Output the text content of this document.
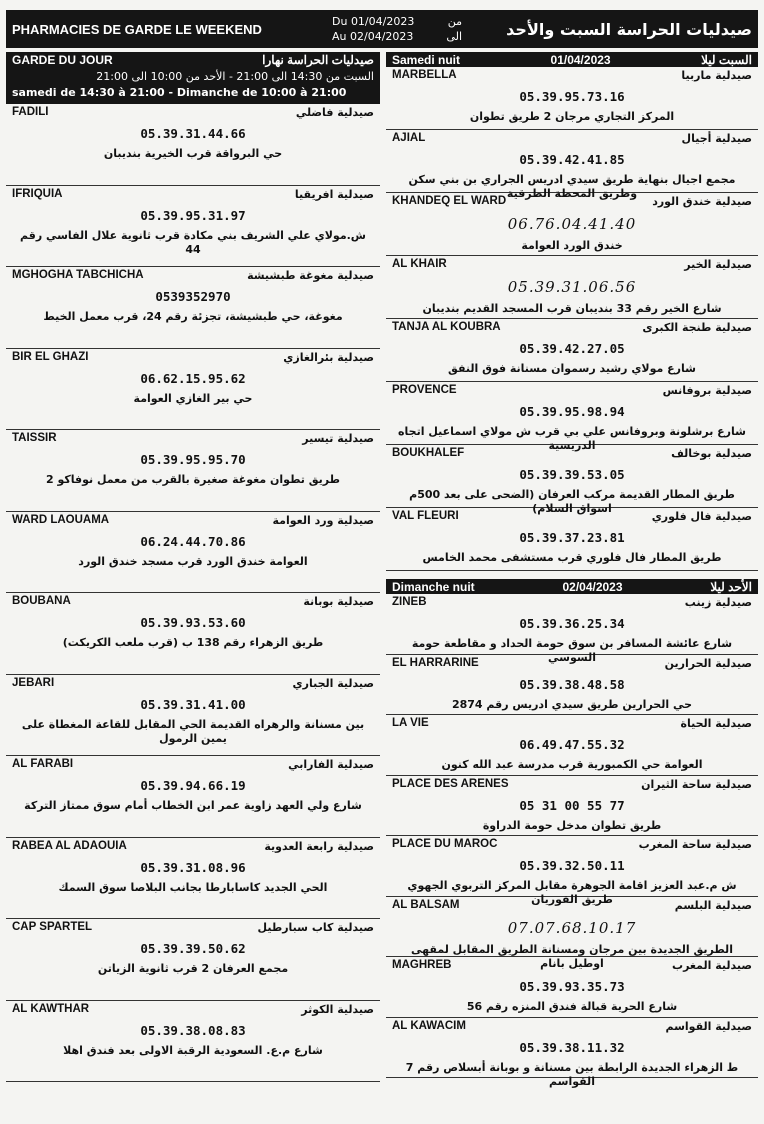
PHARMACIES DE GARDE LE WEEKEND	Du 01/04/2023	من
Au 02/04/2023	الى	صيدليات الحراسة السبت والأحد
GARDE DU JOUR	صيدليات الحراسة نهارا
السبت من 14:30 الى 21:00 - الأحد من 10:00 الى 21:00
samedi de 14:30 à 21:00 - Dimanche de 10:00 à 21:00
FADILI	صيدلية فاضلي
05.39.31.44.66
حي البرواقة قرب الخيرية بنديبان
IFRIQUIA	صيدلية افريقيا
05.39.95.31.97
ش.مولاي علي الشريف بني مكادة قرب ثانوية علال الفاسي رقم 44
MGHOGHA TABCHICHA	صيدلية مغوغة طبشيشة
0539352970
مغوغة، حي طبشيشة، تجزئة رقم 24، قرب معمل الخيط
BIR EL GHAZI	صيدلية بئرالغازي
06.62.15.95.62
حي بير الغازي العوامة
TAISSIR	صيدلية تيسير
05.39.95.95.70
طريق تطوان مغوغة صغيرة بالقرب من معمل نوفاكو 2
WARD LAOUAMA	صيدلية ورد العوامة
06.24.44.70.86
العوامة خندق الورد قرب مسجد خندق الورد
BOUBANA	صيدلية بوبانة
05.39.93.53.60
طريق الزهراء رقم 138 ب (قرب ملعب الكريكت)
JEBARI	صيدلية الجباري
05.39.31.41.00
بين مسنانة والرهراه القديمة الحي المقابل للقاعة المغطاة على يمين الرمول
AL FARABI	صيدلية الفارابي
05.39.94.66.19
شارع ولي العهد زاوية عمر ابن الخطاب أمام سوق ممتاز التركة
RABEA AL ADAOUIA	صيدلية رابعة العدوية
05.39.31.08.96
الحي الجديد كاسابارطا بجانب البلاصا سوق السمك
CAP SPARTEL	صيدلية كاب سبارطيل
05.39.39.50.62
مجمع العرفان 2 قرب ثانوية الزياتن
AL KAWTHAR	صيدلية الكوثر
05.39.38.08.83
شارع م.ع. السعودية الرقبة الاولى بعد فندق اهلا
Samedi nuit	01/04/2023	السبت ليلا
MARBELLA	صيدلية ماربيا
05.39.95.73.16
المركز التجاري مرجان 2 طريق تطوان
AJIAL	صيدلية أجيال
05.39.42.41.85
مجمع اجيال بنهاية طريق سيدي ادريس الجراري بن بني سكن وطريق المحطة الطرقية
KHANDEQ EL WARD	صيدلية خندق الورد
06.76.04.41.40
خندق الورد العوامة
AL KHAIR	صيدلية الخير
05.39.31.06.56
شارع الخير رقم 33 بنديبان قرب المسجد القديم بنديبان
TANJA AL KOUBRA	صيدلية طنجة الكبرى
05.39.42.27.05
شارع مولاي رشيد رسموان مسنانة فوق النفق
PROVENCE	صيدلية بروفانس
05.39.95.98.94
شارع برشلونة وبروفانس علي بي قرب ش مولاي اسماعيل اتجاه الدريسية
BOUKHALEF	صيدلية بوخالف
05.39.39.53.05
طريق المطار القديمة مركب العرفان (الضحى على بعد 500م اسواق السلام)
VAL FLEURI	صيدلية فال فلوري
05.39.37.23.81
طريق المطار فال فلوري قرب مستشفى محمد الخامس
Dimanche nuit	02/04/2023	الأحد ليلا
ZINEB	صيدلية زينب
05.39.36.25.34
شارع عائشة المسافر بن سوق حومة الحداد و مقاطعة حومة السوسي
EL HARRARINE	صيدلية الحرارين
05.39.38.48.58
حي الحرارين طريق سيدي ادريس رقم 2874
LA VIE	صيدلية الحياة
06.49.47.55.32
العوامة حي الكمبورية قرب مدرسة عبد الله كنون
PLACE DES ARENES	صيدلية ساحة الثيران
05 31 00 55 77
طريق تطوان مدخل حومة الدراوة
PLACE DU MAROC	صيدلية ساحة المغرب
05.39.32.50.11
ش م.عبد العزيز اقامة الجوهرة مقابل المركز التربوي الجهوي طريق القوريان
AL BALSAM	صيدلية البلسم
07.07.68.10.17
الطريق الجديدة بين مرجان ومسنانة الطريق المقابل لمقهى اوطيل بانام
MAGHREB	صيدلية المغرب
05.39.93.35.73
شارع الحرية قبالة فندق المنزه رقم 56
AL KAWACIM	صيدلية القواسم
05.39.38.11.32
ط الزهراء الجديدة الرابطة بين مسنانة و بوبانة أبسلاص رقم 7 القواسم
